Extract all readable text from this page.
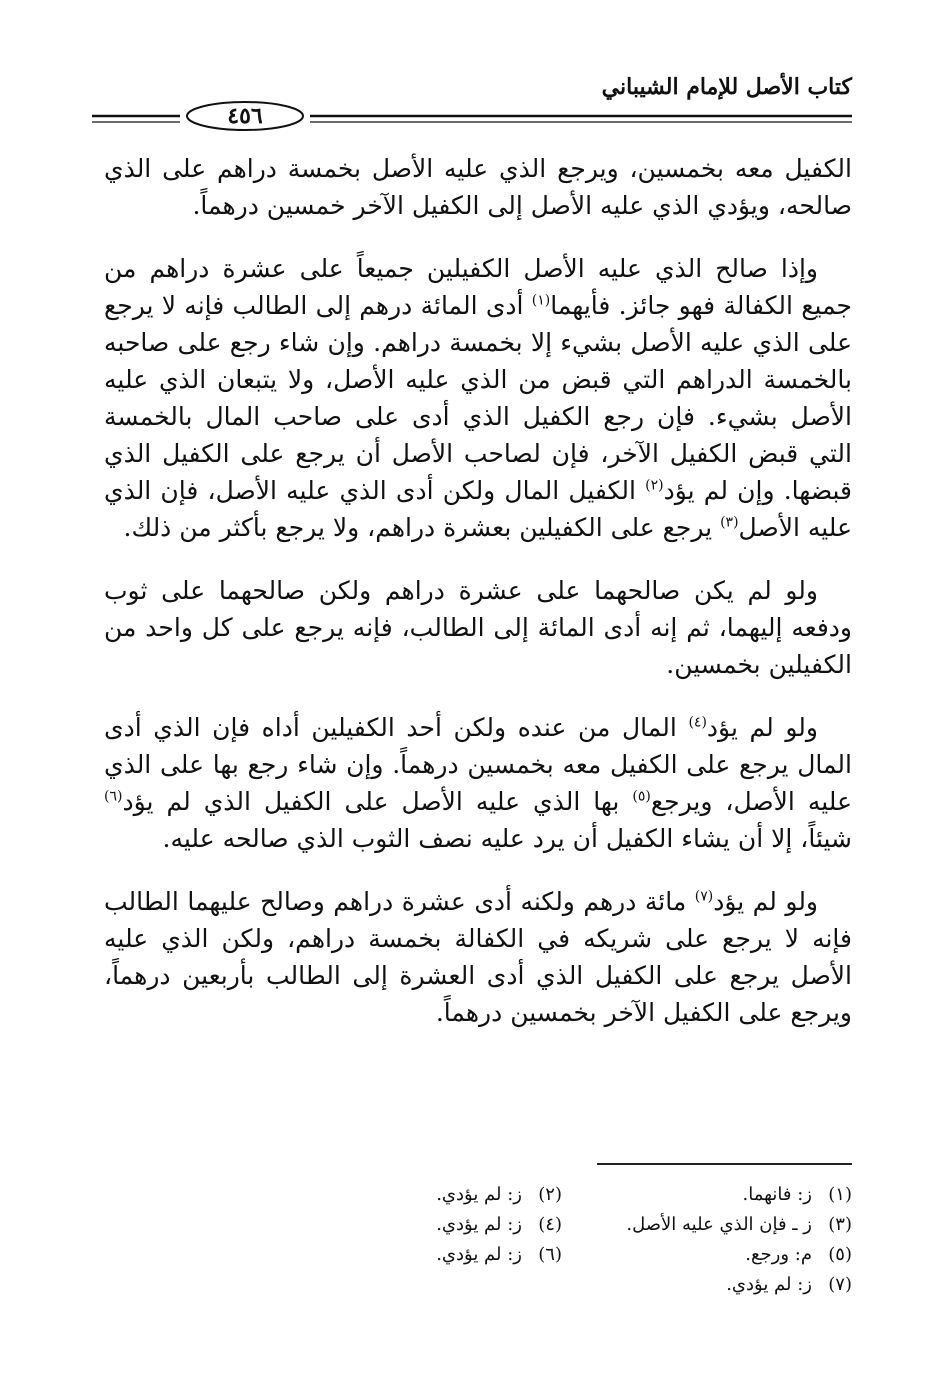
كتاب الأصل للإمام الشيباني
٤٥٦

الكفيل معه بخمسين، ويرجع الذي عليه الأصل بخمسة دراهم على الذي صالحه، ويؤدي الذي عليه الأصل إلى الكفيل الآخر خمسين درهماً.

وإذا صالح الذي عليه الأصل الكفيلين جميعاً على عشرة دراهم من جميع الكفالة فهو جائز. فأيهما$^{(١)}$ أدى المائة درهم إلى الطالب فإنه لا يرجع على الذي عليه الأصل بشيء إلا بخمسة دراهم. وإن شاء رجع على صاحبه بالخمسة الدراهم التي قبض من الذي عليه الأصل، ولا يتبعان الذي عليه الأصل بشيء. فإن رجع الكفيل الذي أدى على صاحب المال بالخمسة التي قبض الكفيل الآخر، فإن لصاحب الأصل أن يرجع على الكفيل الذي قبضها. وإن لم يؤد$^{(٢)}$ الكفيل المال ولكن أدى الذي عليه الأصل، فإن الذي عليه الأصل$^{(٣)}$ يرجع على الكفيلين بعشرة دراهم، ولا يرجع بأكثر من ذلك.

ولو لم يكن صالحهما على عشرة دراهم ولكن صالحهما على ثوب ودفعه إليهما، ثم إنه أدى المائة إلى الطالب، فإنه يرجع على كل واحد من الكفيلين بخمسين.

ولو لم يؤد$^{(٤)}$ المال من عنده ولكن أحد الكفيلين أداه فإن الذي أدى المال يرجع على الكفيل معه بخمسين درهماً. وإن شاء رجع بها على الذي عليه الأصل، ويرجع$^{(٥)}$ بها الذي عليه الأصل على الكفيل الذي لم يؤد$^{(٦)}$ شيئاً، إلا أن يشاء الكفيل أن يرد عليه نصف الثوب الذي صالحه عليه.

ولو لم يؤد$^{(٧)}$ مائة درهم ولكنه أدى عشرة دراهم وصالح عليهما الطالب فإنه لا يرجع على شريكه في الكفالة بخمسة دراهم، ولكن الذي عليه الأصل يرجع على الكفيل الذي أدى العشرة إلى الطالب بأربعين درهماً، ويرجع على الكفيل الآخر بخمسين درهماً.

(١)ز: فانهما.
(٣)ز ـ فإن الذي عليه الأصل.
(٥)م: ورجع.
(٧)ز: لم يؤدي.
(٢)ز: لم يؤدي.
(٤)ز: لم يؤدي.
(٦)ز: لم يؤدي.
